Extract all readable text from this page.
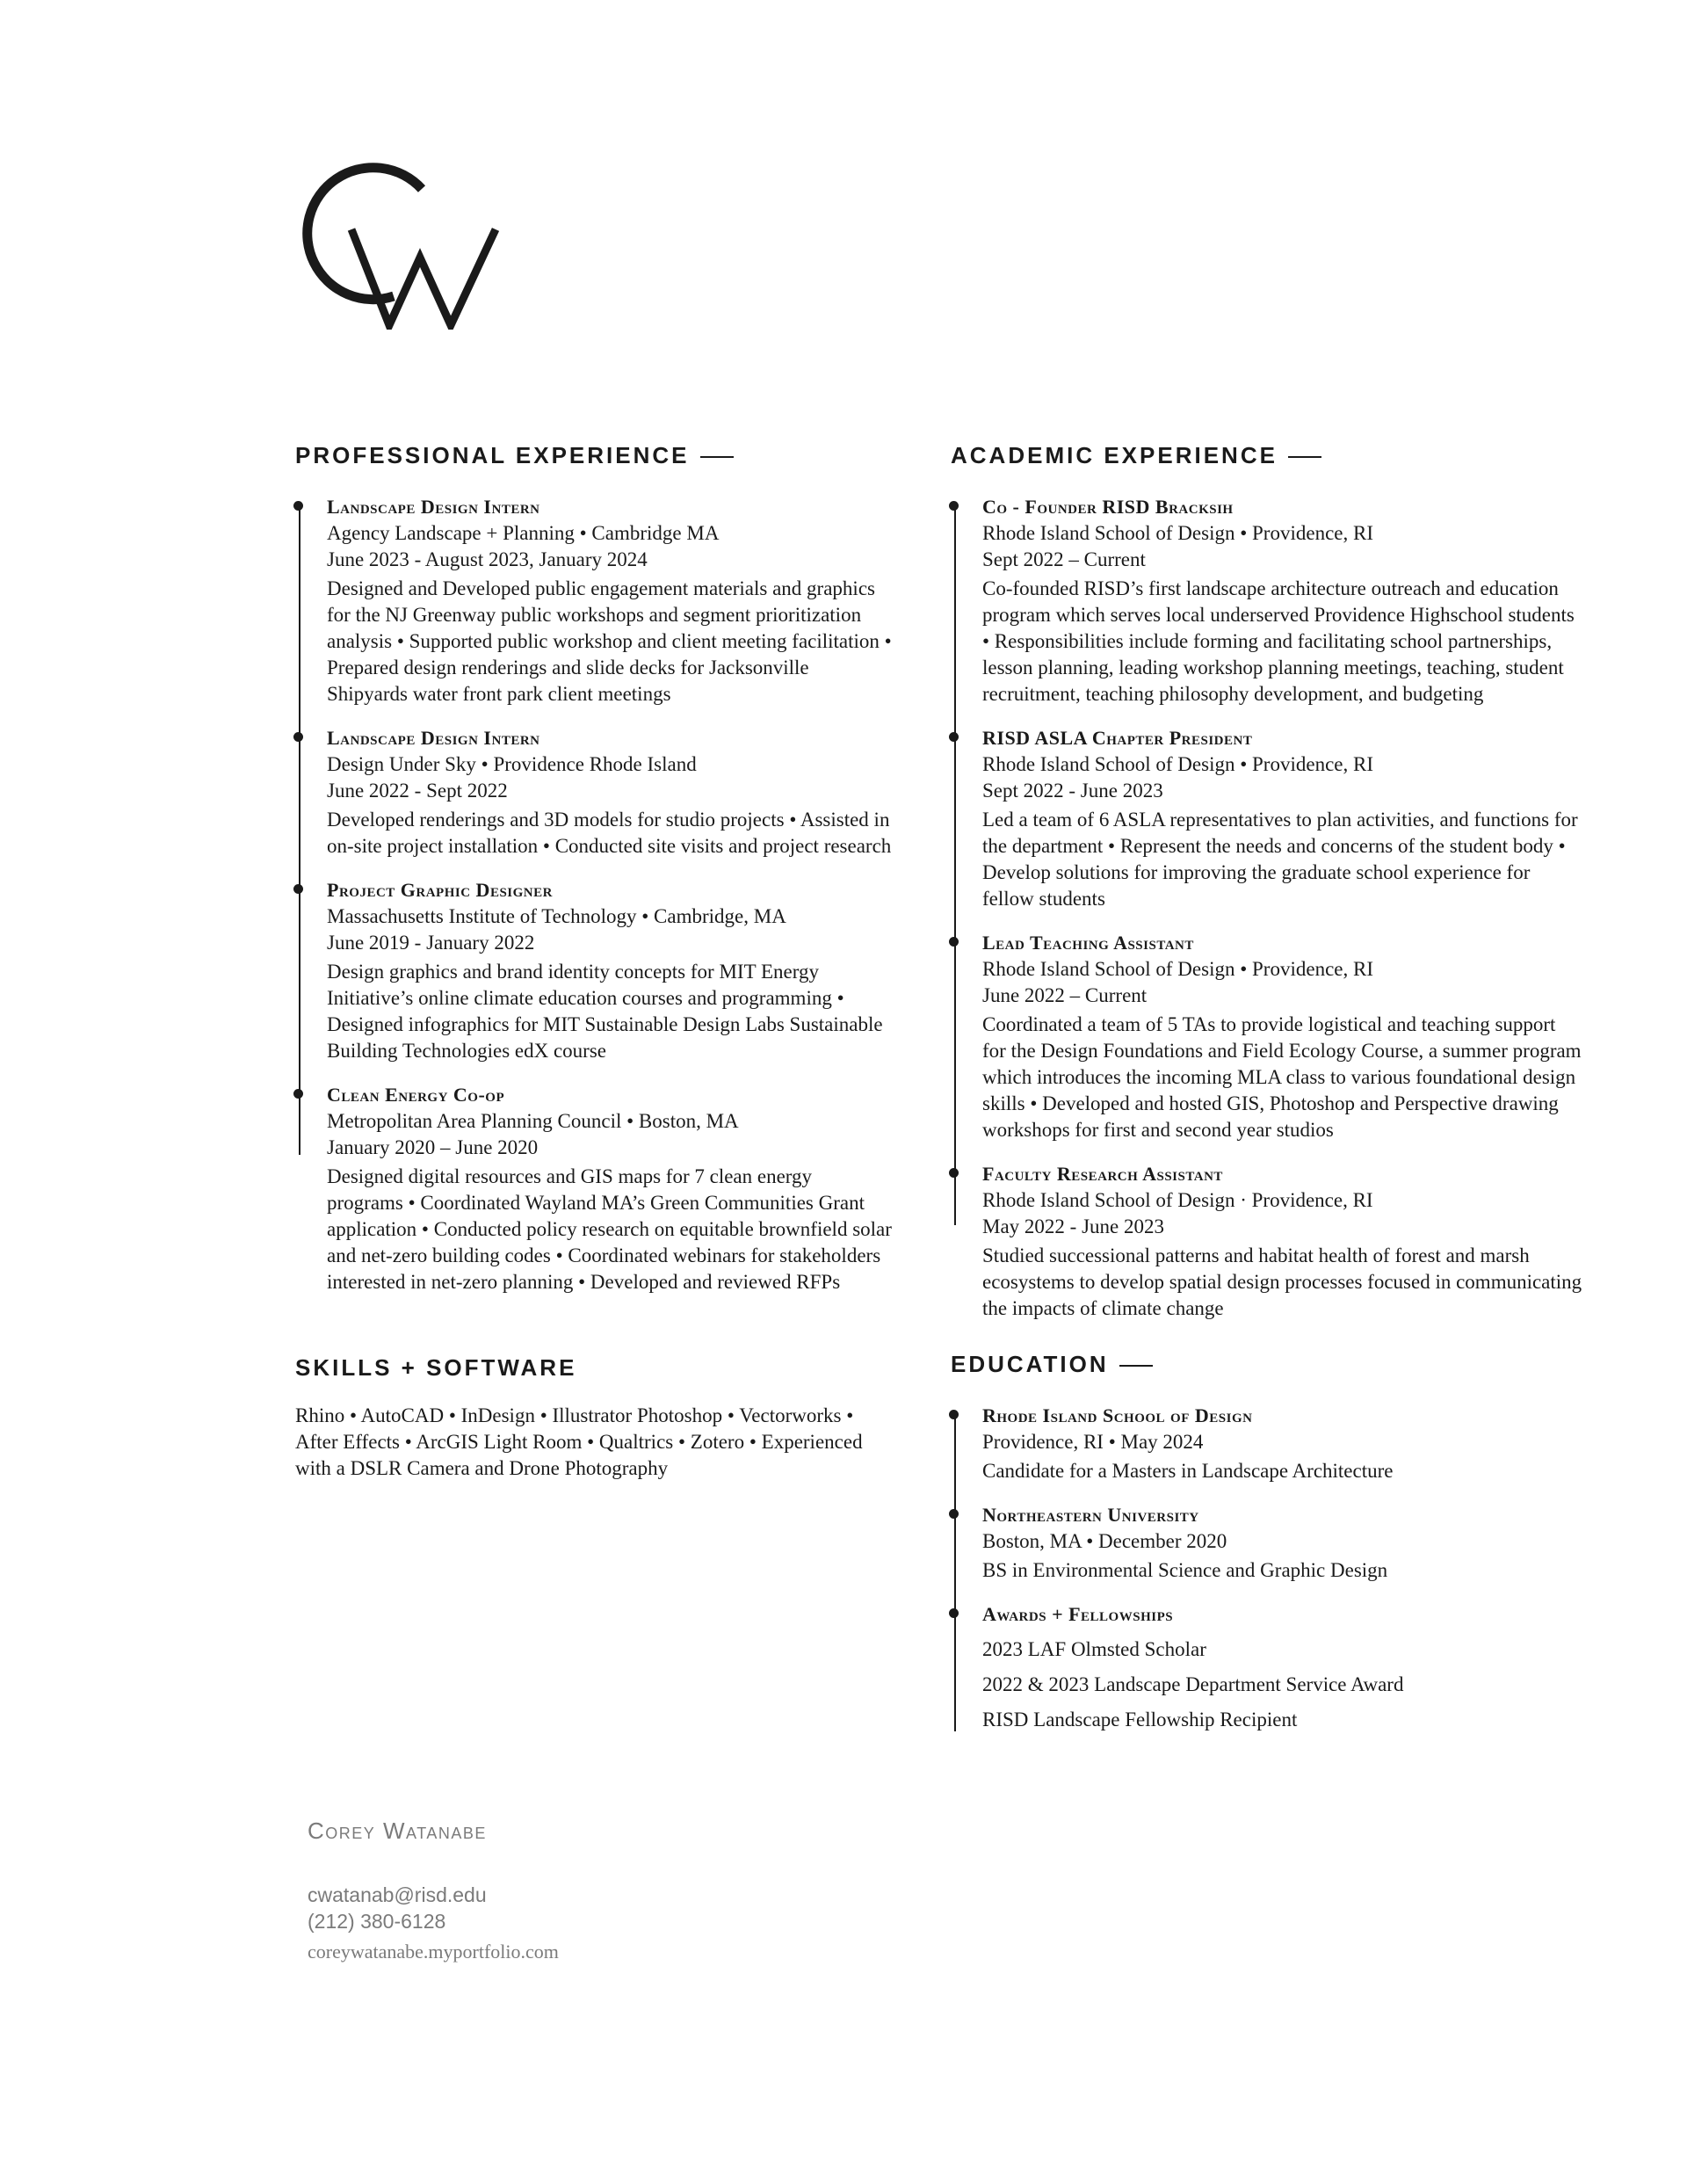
PROFESSIONAL EXPERIENCE

Landscape Design Intern

Agency Landscape + Planning • Cambridge MA

June 2023 - August 2023, January 2024

Designed and Developed public engagement materials and graphics for the NJ Greenway public workshops and segment prioritization analysis • Supported public workshop and client meeting facilitation • Prepared design renderings and slide decks for Jacksonville Shipyards water front park client meetings

Landscape Design Intern

Design Under Sky • Providence Rhode Island

June 2022 - Sept 2022

Developed renderings and 3D models for studio projects • Assisted in on-site project installation • Conducted site visits and project research

Project Graphic Designer

Massachusetts Institute of Technology • Cambridge, MA

June 2019 - January 2022

Design graphics and brand identity concepts for MIT Energy Initiative’s online climate education courses and programming • Designed infographics for MIT Sustainable Design Labs Sustainable Building Technologies edX course

Clean Energy Co-op

Metropolitan Area Planning Council • Boston, MA

January 2020 – June 2020

Designed digital resources and GIS maps for 7 clean energy programs • Coordinated Wayland MA’s Green Communities Grant application • Conducted policy research on equitable brownfield solar and net-zero building codes • Coordinated webinars for stakeholders interested in net-zero planning • Developed and reviewed RFPs

SKILLS + SOFTWARE

Rhino • AutoCAD • InDesign • Illustrator Photoshop • Vectorworks • After Effects • ArcGIS Light Room • Qualtrics • Zotero • Experienced with a DSLR Camera and Drone Photography

ACADEMIC EXPERIENCE

Co - Founder RISD Bracksih

Rhode Island School of Design • Providence, RI

Sept 2022 – Current

Co-founded RISD’s first landscape architecture outreach and education program which serves local underserved Providence Highschool students • Responsibilities include forming and facilitating school partnerships, lesson planning, leading workshop planning meetings, teaching, student recruitment, teaching philosophy development, and budgeting

RISD ASLA Chapter President

Rhode Island School of Design • Providence, RI

Sept 2022 - June 2023

Led a team of 6 ASLA representatives to plan activities, and functions for the department • Represent the needs and concerns of the student body • Develop solutions for improving the graduate school experience for fellow students

Lead Teaching Assistant

Rhode Island School of Design • Providence, RI

June 2022 – Current

Coordinated a team of 5 TAs to provide logistical and teaching support for the Design Foundations and Field Ecology Course, a summer program which introduces the incoming MLA class to various foundational design skills • Developed and hosted GIS, Photoshop and Perspective drawing workshops for first and second year studios

Faculty Research Assistant

Rhode Island School of Design · Providence, RI

May 2022 - June 2023

Studied successional patterns and habitat health of forest and marsh ecosystems to develop spatial design processes focused in communicating the impacts of climate change

EDUCATION

Rhode Island School of Design

Providence, RI • May 2024

Candidate for a Masters in Landscape Architecture

Northeastern University

Boston, MA • December 2020

BS in Environmental Science and Graphic Design

Awards + Fellowships

2023 LAF Olmsted Scholar

2022 & 2023 Landscape Department Service Award

RISD Landscape Fellowship Recipient

Corey Watanabe

cwatanab@risd.edu

(212) 380-6128

coreywatanabe.myportfolio.com
